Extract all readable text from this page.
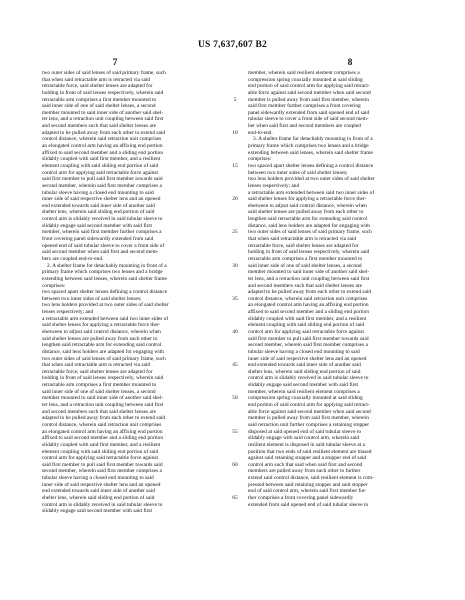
US 7,637,607 B2
7	8

two outer sides of said lenses of said primary frame, such

that when said retractable arm is retracted via said

retractable force, said shelter lenses are adapted for

holding in front of said lenses respectively, wherein said

retractable arm comprises a first member mounted to

said inner side of one of said shelter lenses, a second

member mounted to said inner side of another said shel-

ter lens, and a retraction unit coupling between said first

and second members such that said shelter lenses are

adapted to be pulled away from each other to extend said

control distance, wherein said retraction unit comprises

an elongated control arm having an affixing end portion

affixed to said second member and a sliding end portion

slidably coupled with said first member, and a resilient

element coupling with said sliding end portion of said

control arm for applying said retractable force against

said first member to pull said first member towards said

second member, wherein said first member comprises a

tubular sleeve having a closed end mounting to said

inner side of said respective shelter lens and an opened

end extended towards said inner side of another said

shelter lens, wherein said sliding end portion of said

control arm is slidably received in said tubular sleeve to

slidably engage said second member with said first

member, wherein said first member further comprises a

front covering panel sidewardly extended from said

opened end of said tubular sleeve to cover a front side of

said second member when said first and second mem-

bers are coupled end-to-end.

2. A shelter frame for detachably mounting in front of a

primary frame which comprises two lenses and a bridge

extending between said lenses, wherein said shelter frame

comprises:

two spaced apart shelter lenses defining a control distance

between two inner sides of said shelter lenses;

two lens holders provided at two outer sides of said shelter

lenses respectively; and

a retractable arm extended between said two inner sides of

said shelter lenses for applying a retractable force ther-

ebetween to adjust said control distance, wherein when

said shelter lenses are pulled away from each other to

lengthen said retractable arm for extending said control

distance, said lens holders are adapted for engaging with

two outer sides of said lenses of said primary frame, such

that when said retractable arm is retracted via said

retractable force, said shelter lenses are adapted for

holding in front of said lenses respectively, wherein said

retractable arm comprises a first member mounted to

said inner side of one of said shelter lenses, a second

member mounted to said inner side of another said shel-

ter lens, and a retraction unit coupling between said first

and second members such that said shelter lenses are

adapted to be pulled away from each other to extend said

control distance, wherein said retraction unit comprises

an elongated control arm having an affixing end portion

affixed to said second member and a sliding end portion

slidably coupled with said first member, and a resilient

element coupling with said sliding end portion of said

control arm for applying said retractable force against

said first member to pull said first member towards said

second member, wherein said first member comprises a

tubular sleeve having a closed end mounting to said

inner side of said respective shelter lens and an opened

end extended towards said inner side of another said

shelter lens, wherein said sliding end portion of said

control arm is slidably received in said tubular sleeve to

slidably engage said second member with said first

member, wherein said resilient element comprises a

compression spring coaxially mounted at said sliding

end portion of said control arm for applying said retract-

able force against said second member when said second

member is pulled away from said first member, wherein

said first member further comprises a front covering

panel sidewardly extended from said opened end of said

tubular sleeve to cover a front side of said second mem-

ber when said first and second members are coupled

end-to-end.

3. A shelter frame for detachably mounting in front of a

primary frame which comprises two lenses and a bridge

extending between said lenses, wherein said shelter frame

comprises:

two spaced apart shelter lenses defining a control distance

between two inner sides of said shelter lenses;

two lens holders provided at two outer sides of said shelter

lenses respectively; and

a retractable arm extended between said two inner sides of

said shelter lenses for applying a retractable force ther-

ebetween to adjust said control distance, wherein when

said shelter lenses are pulled away from each other to

lengthen said retractable arm for extending said control

distance, said lens holders are adapted for engaging with

two outer sides of said lenses of said primary frame, such

that when said retractable arm is retracted via said

retractable force, said shelter lenses are adapted for

holding in front of said lenses respectively, wherein said

retractable arm comprises a first member mounted to

said inner side of one of said shelter lenses, a second

member mounted to said inner side of another said shel-

ter lens, and a retraction unit coupling between said first

and second members such that said shelter lenses are

adapted to be pulled away from each other to extend said

control distance, wherein said retraction unit comprises

an elongated control arm having an affixing end portion

affixed to said second member and a sliding end portion

slidably coupled with said first member, and a resilient

element coupling with said sliding end portion of said

control arm for applying said retractable force against

said first member to pull said first member towards said

second member, wherein said first member comprises a

tubular sleeve having a closed end mounting to said

inner side of said respective shelter lens and an opened

end extended towards said inner side of another said

shelter lens, wherein said sliding end portion of said

control arm is slidably received in said tubular sleeve to

slidably engage said second member with said first

member, wherein said resilient element comprises a

compression spring coaxially mounted at said sliding

end portion of said control arm for applying said retract-

able force against said second member when said second

member is pulled away from said first member, wherein

said retraction unit further comprises a retaining stopper

disposed at said opened end of said tubular sleeve to

slidably engage with said control arm, wherein said

resilient element is disposed in said tubular sleeve at a

position that two ends of said resilient element are biased

against said retaining stopper and a stopper end of said

control arm such that said when said first and second

members are pulled away from each other to further

extend said control distance, said resilient element is com-

pressed between said retaining stopper and said stopper

end of said control arm, wherein said first member fur-

ther comprises a front covering panel sidewardly

extended from said opened end of said tubular sleeve to

5
10
15
20
25
30
35
40
45
50
55
60
65
